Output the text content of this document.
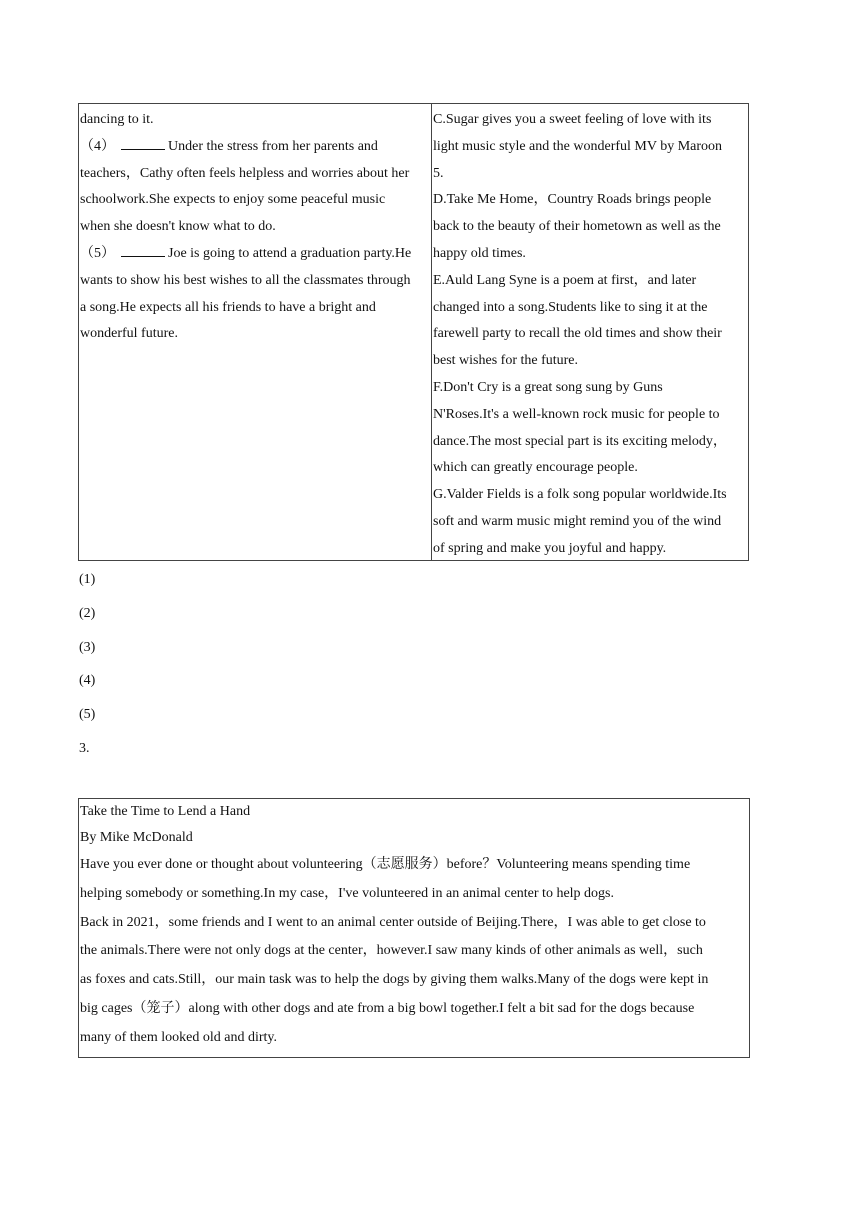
dancing to it.
（4）	Under the stress from her parents and
teachers，Cathy often feels helpless and worries about her
schoolwork.She expects to enjoy some peaceful music
when she doesn't know what to do.
（5）	Joe is going to attend a graduation party.He
wants to show his best wishes to all the classmates through
a song.He expects all his friends to have a bright and
wonderful future.
C.Sugar gives you a sweet feeling of love with its
light music style and the wonderful MV by Maroon
5.
D.Take Me Home，Country Roads brings people
back to the beauty of their hometown as well as the
happy old times.
E.Auld Lang Syne is a poem at first，and later
changed into a song.Students like to sing it at the
farewell party to recall the old times and show their
best wishes for the future.
F.Don't Cry is a great song sung by Guns
N'Roses.It's a well-known rock music for people to
dance.The most special part is its exciting melody，
which can greatly encourage people.
G.Valder Fields is a folk song popular worldwide.Its
soft and warm music might remind you of the wind
of spring and make you joyful and happy.
(1)
(2)
(3)
(4)
(5)
3.
Take the Time to Lend a Hand
By Mike McDonald
Have you ever done or thought about volunteering（志愿服务）before？Volunteering means spending time
helping somebody or something.In my case，I've volunteered in an animal center to help dogs.
Back in 2021，some friends and I went to an animal center outside of Beijing.There，I was able to get close to
the animals.There were not only dogs at the center，however.I saw many kinds of other animals as well，such
as foxes and cats.Still，our main task was to help the dogs by giving them walks.Many of the dogs were kept in
big cages（笼子）along with other dogs and ate from a big bowl together.I felt a bit sad for the dogs because
many of them looked old and dirty.
